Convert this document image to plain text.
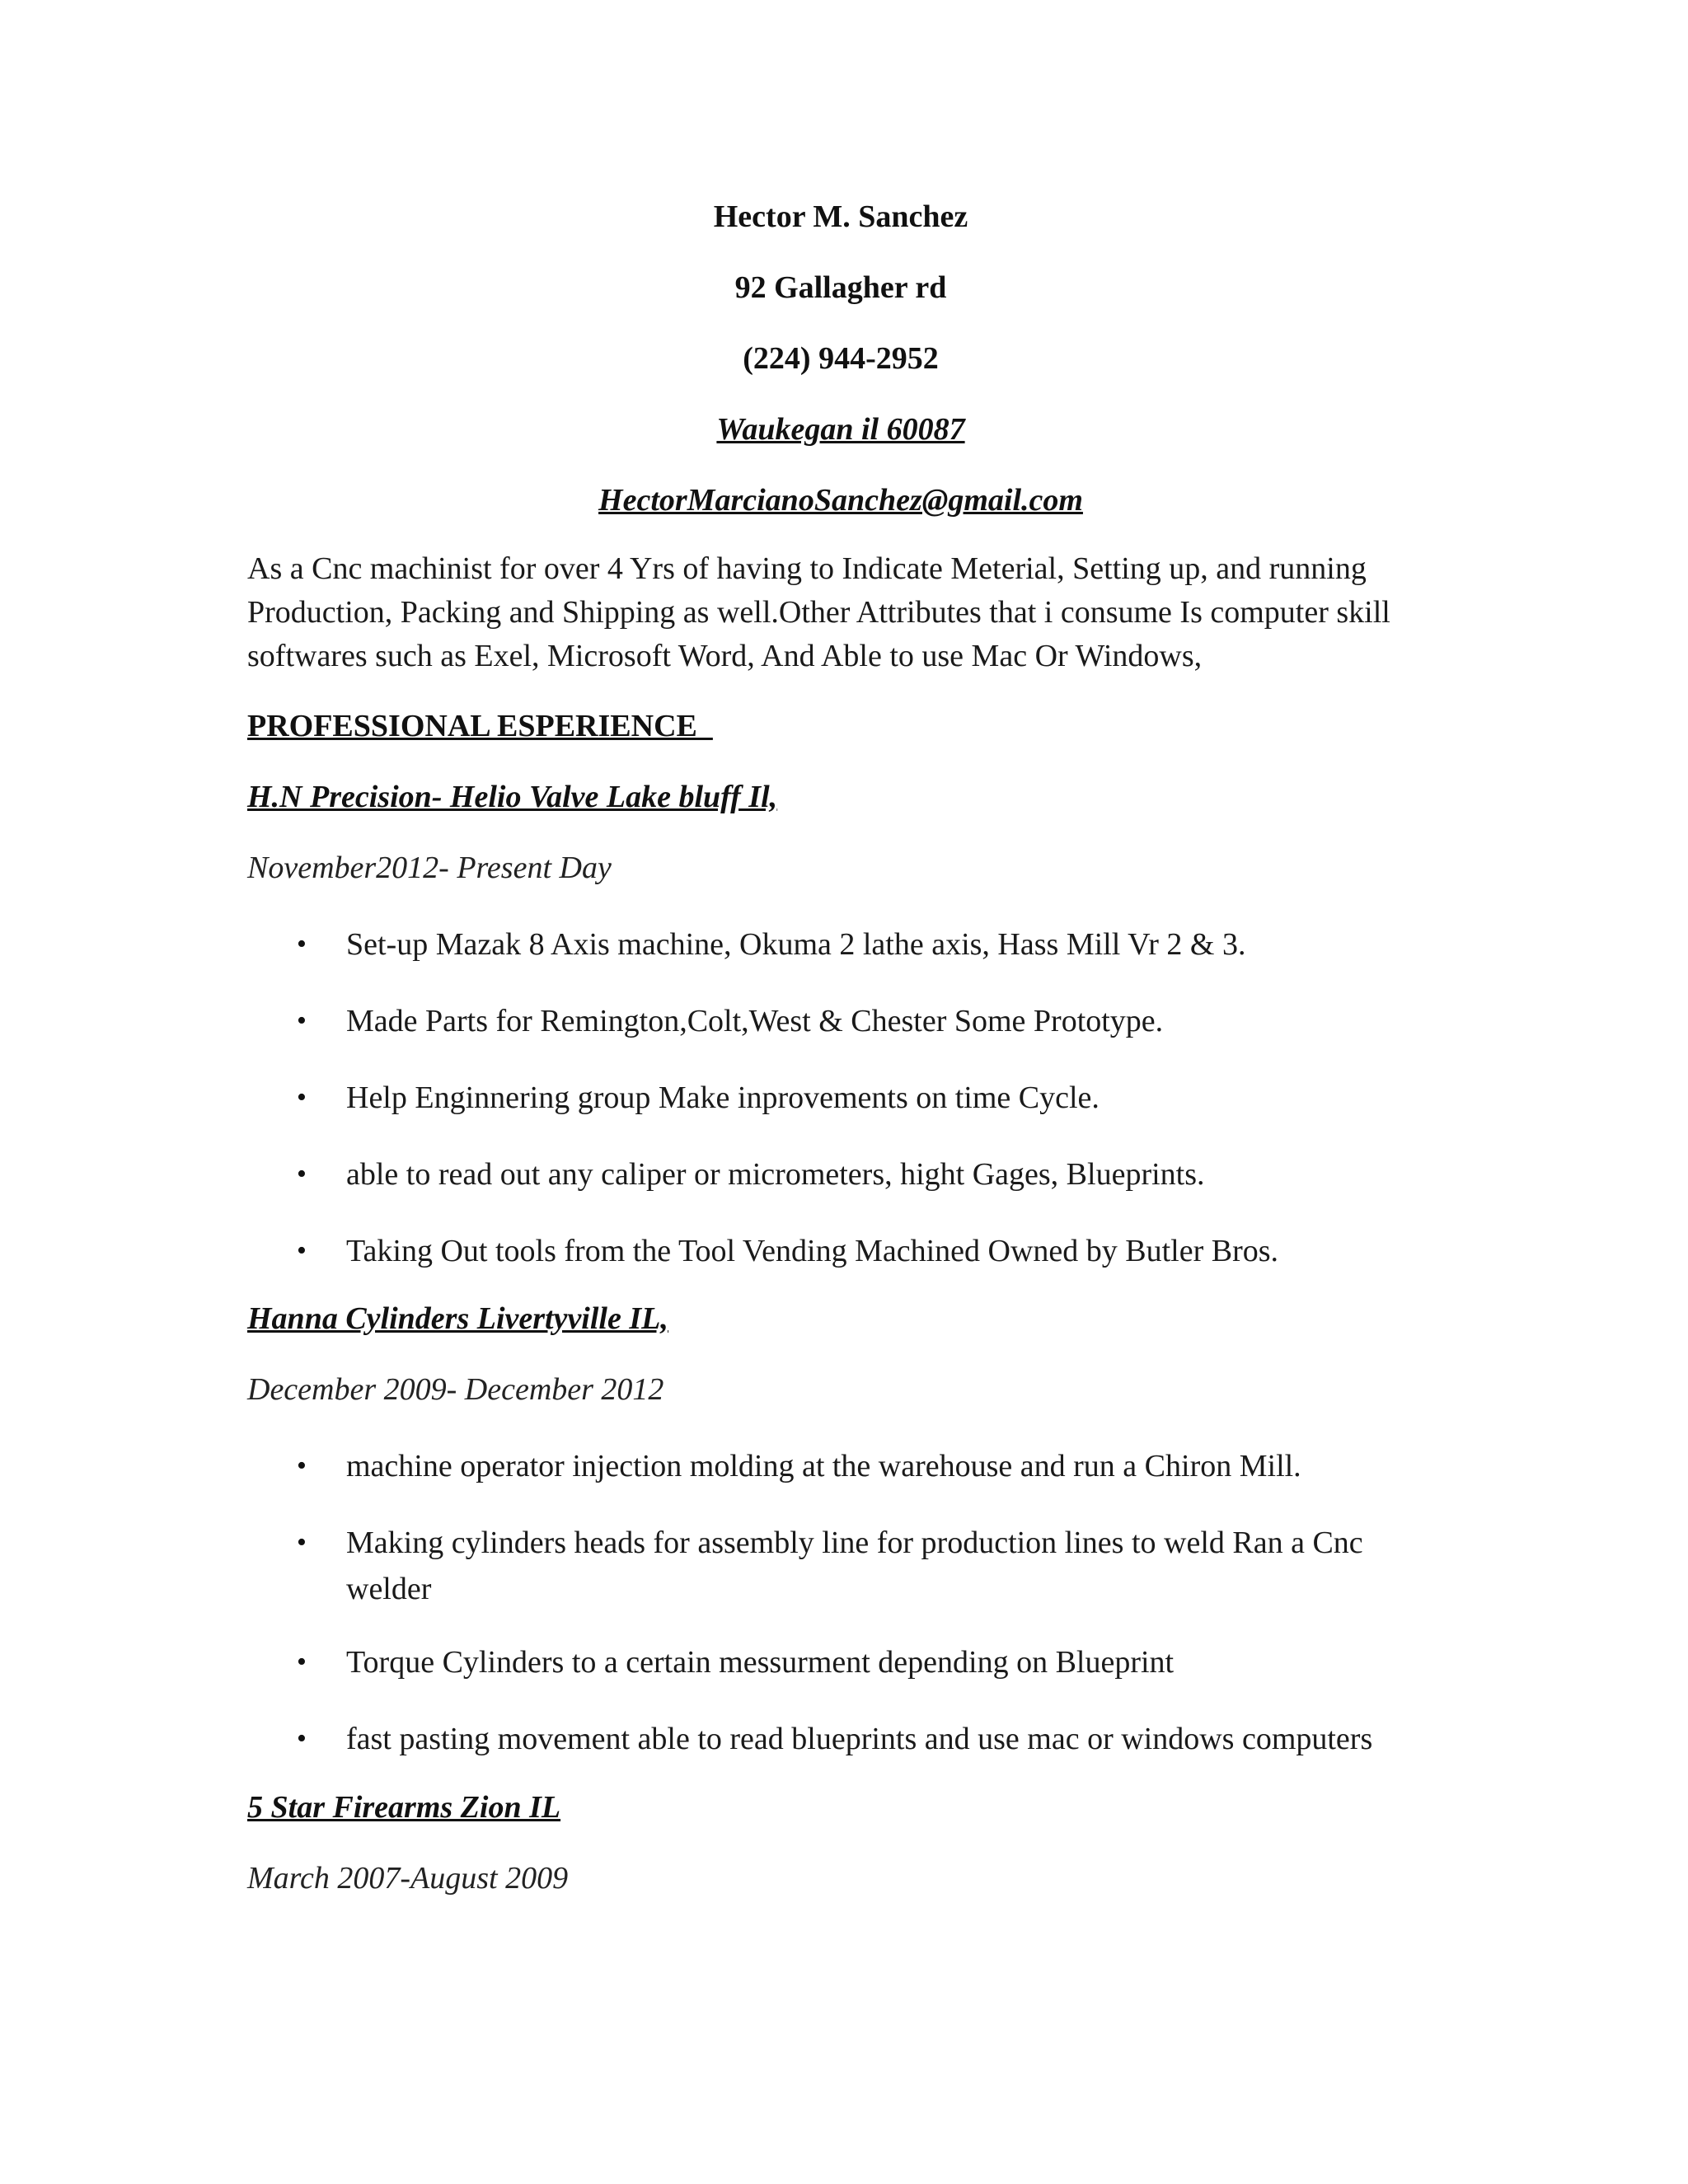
Hector M. Sanchez
92 Gallagher rd
(224) 944-2952
Waukegan il 60087
HectorMarcianoSanchez@gmail.com
As a Cnc machinist for over 4 Yrs of having to Indicate Meterial, Setting up, and running Production, Packing and Shipping as well.Other Attributes that i consume Is computer skill softwares such as Exel, Microsoft Word, And Able to use Mac Or Windows,
PROFESSIONAL ESPERIENCE
H.N Precision- Helio Valve Lake bluff Il,
November2012- Present Day
• Set-up Mazak 8 Axis machine, Okuma 2 lathe axis, Hass Mill Vr 2 & 3.
• Made Parts for Remington,Colt,West & Chester Some Prototype.
• Help Enginnering group Make inprovements on time Cycle.
• able to read out any caliper or micrometers, hight Gages, Blueprints.
• Taking Out tools from the Tool Vending Machined Owned by Butler Bros.
Hanna Cylinders Livertyville IL,
December 2009- December 2012
• machine operator injection molding at the warehouse and run a Chiron Mill.
• Making cylinders heads for assembly line for production lines to weld Ran a Cnc welder
• Torque Cylinders to a certain messurment depending on Blueprint
• fast pasting movement able to read blueprints and use mac or windows computers
5 Star Firearms Zion IL
March 2007-August 2009
